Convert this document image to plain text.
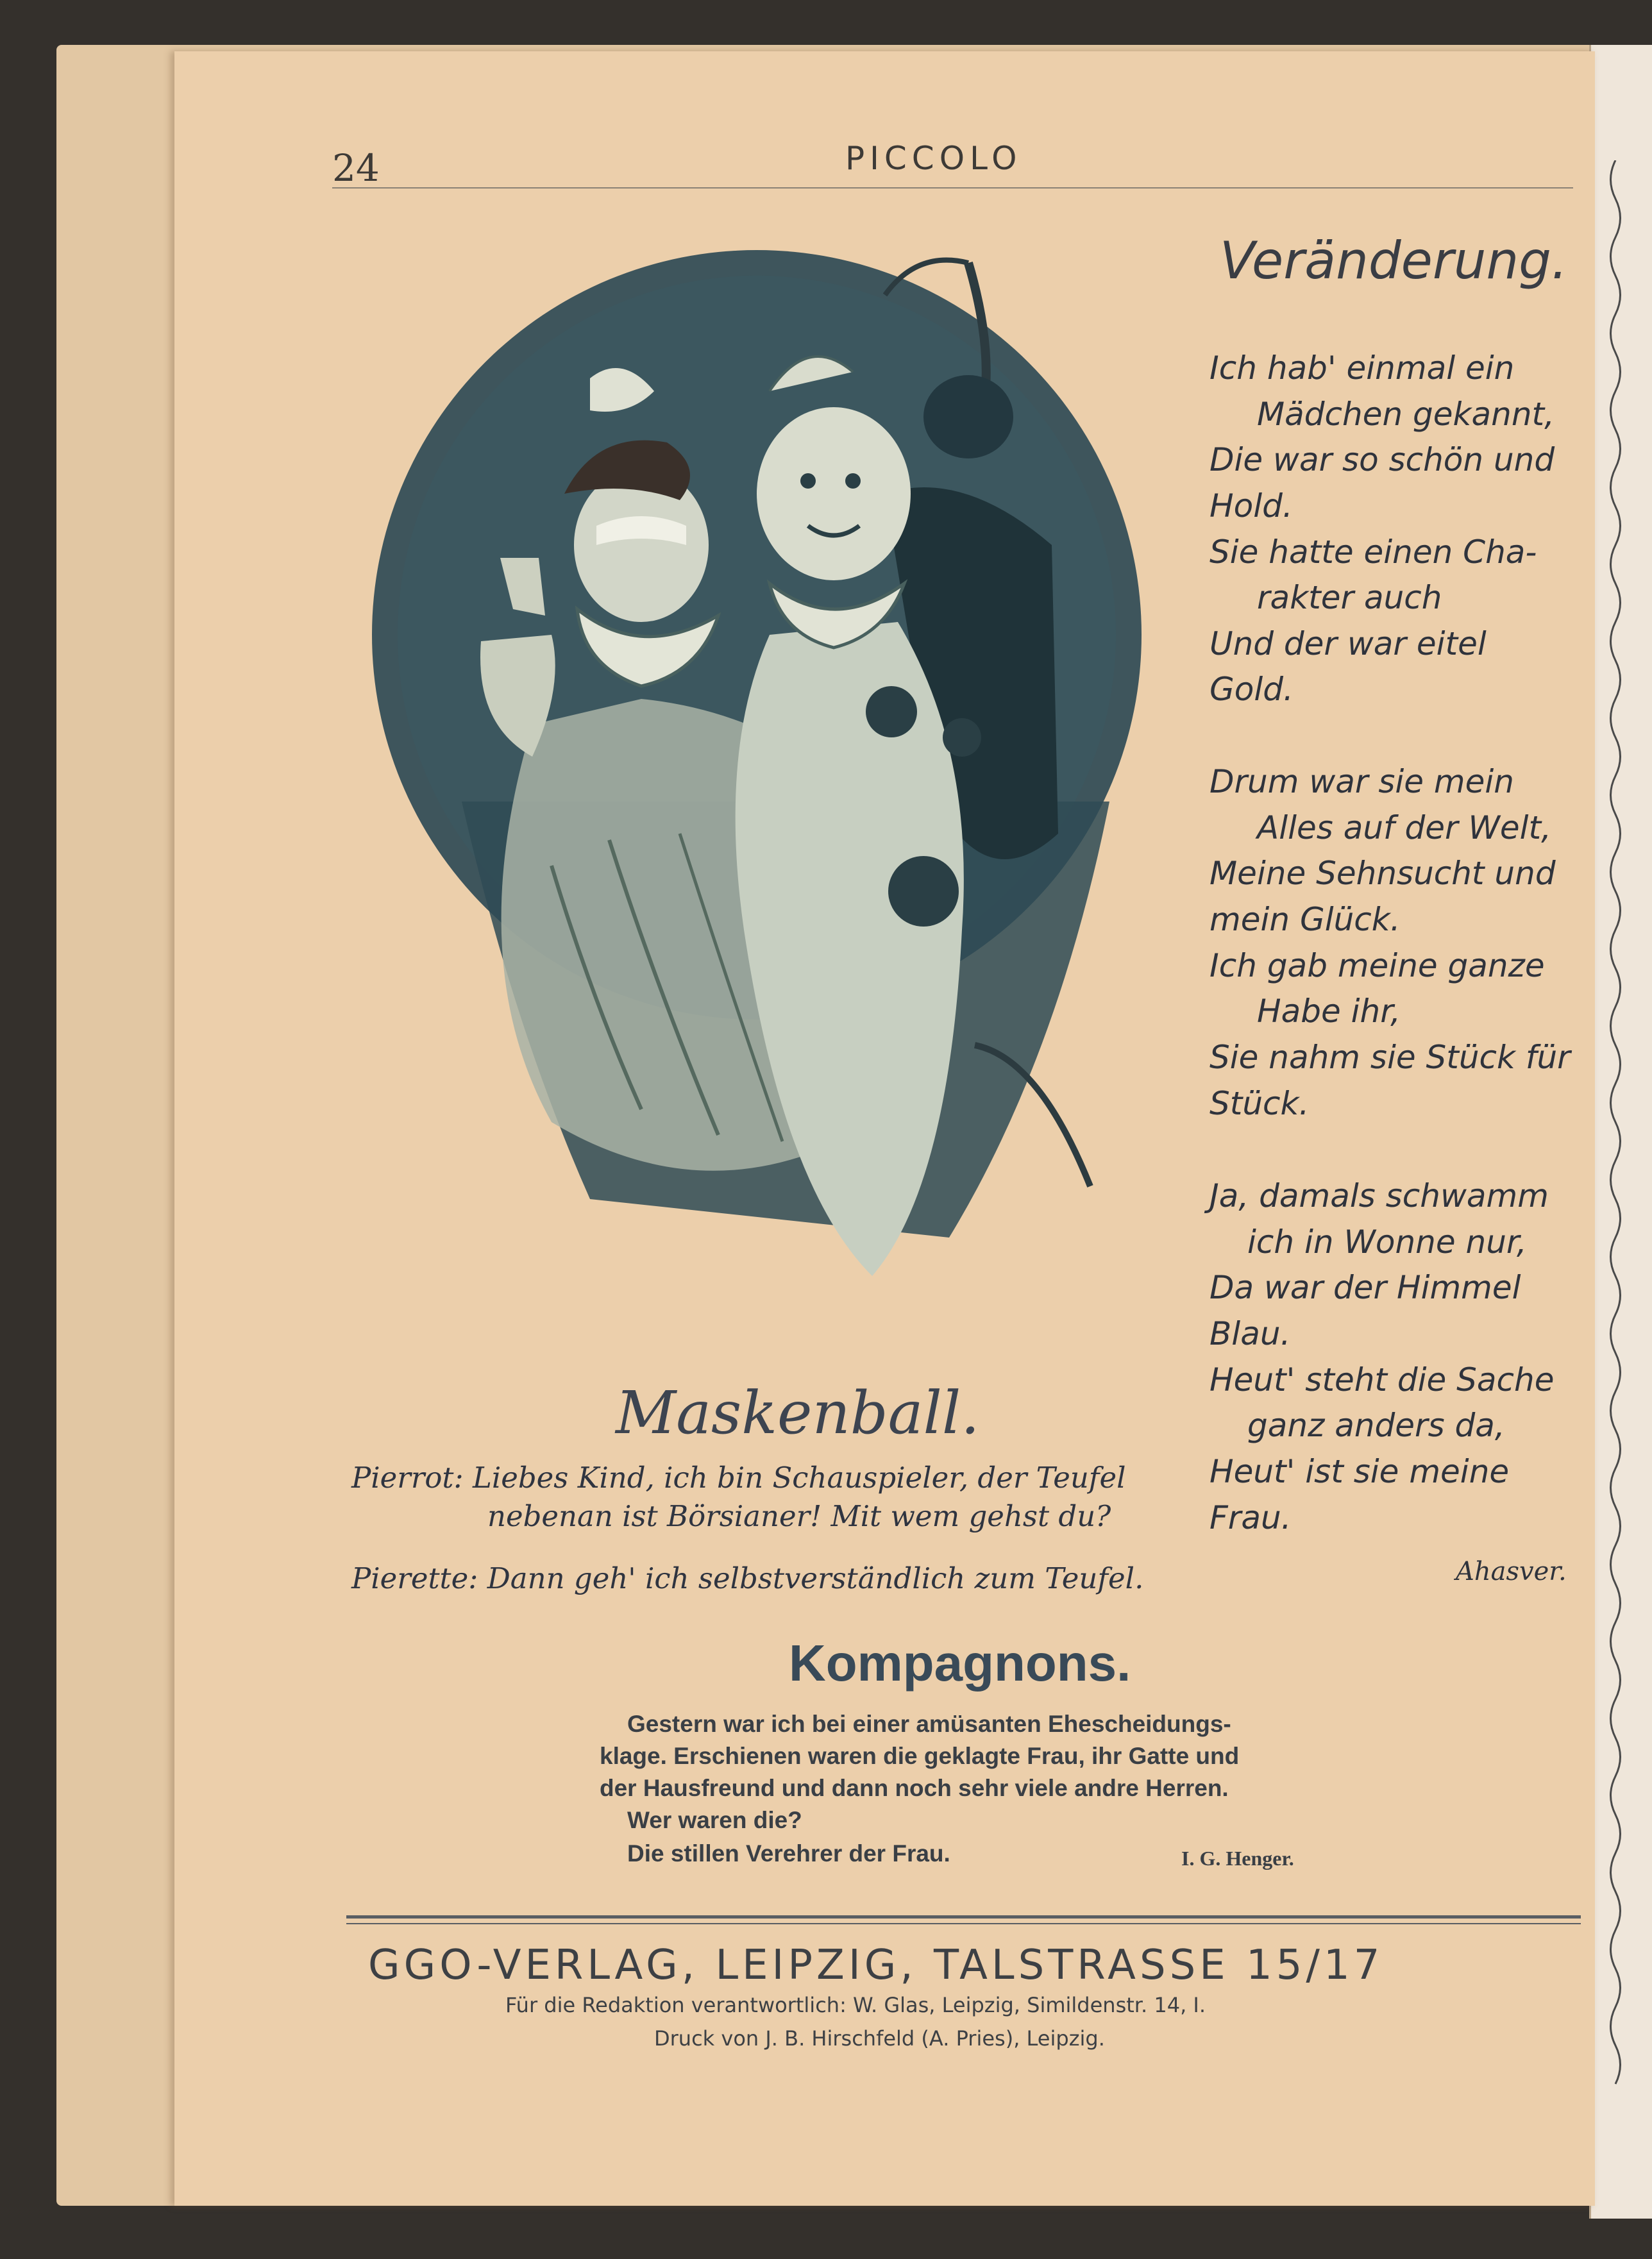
24	PICCOLO
Maskenball.
Pierrot: Liebes Kind, ich bin Schauspieler, der Teufel
nebenan ist Börsianer! Mit wem gehst du?
Pierette: Dann geh' ich selbstverständlich zum Teufel.
Veränderung.
Ich hab' einmal ein
Mädchen gekannt,
Die war so schön und
Hold.
Sie hatte einen Cha-
rakter auch
Und der war eitel
Gold.
Drum war sie mein
Alles auf der Welt,
Meine Sehnsucht und
mein Glück.
Ich gab meine ganze
Habe ihr,
Sie nahm sie Stück für
Stück.
Ja, damals schwamm
ich in Wonne nur,
Da war der Himmel
Blau.
Heut' steht die Sache
ganz anders da,
Heut' ist sie meine
Frau.
Ahasver.
Kompagnons.
Gestern war ich bei einer amüsanten Ehescheidungs-
klage. Erschienen waren die geklagte Frau, ihr Gatte und
der Hausfreund und dann noch sehr viele andre Herren.
Wer waren die?
Die stillen Verehrer der Frau.	I. G. Henger.
GGO-VERLAG, LEIPZIG, TALSTRASSE 15/17
Für die Redaktion verantwortlich: W. Glas, Leipzig, Simildenstr. 14, I.
Druck von J. B. Hirschfeld (A. Pries), Leipzig.
